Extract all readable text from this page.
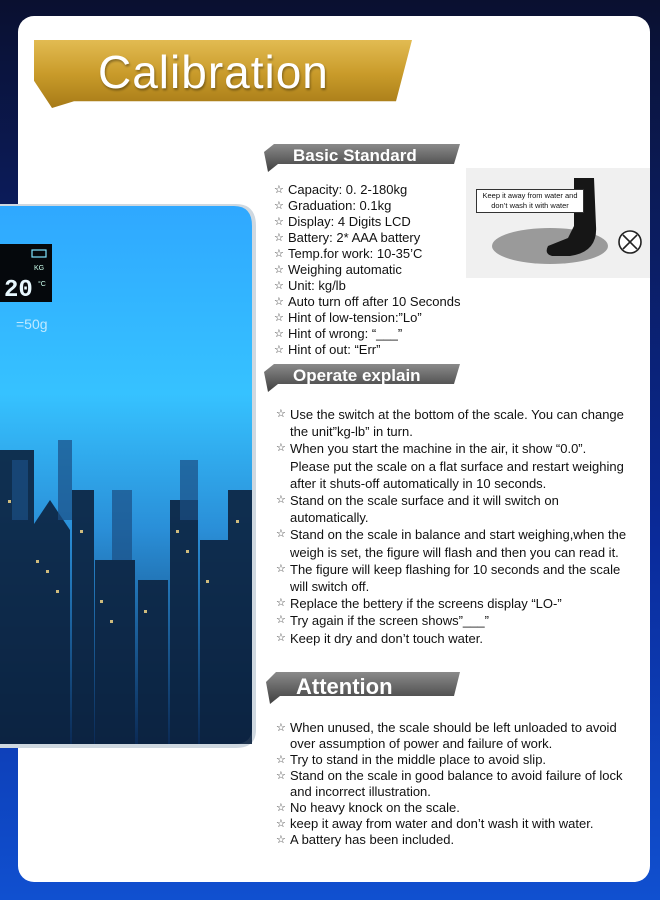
Calibration
KG
20 °C
=50g
Basic Standard
☆ Capacity: 0. 2-180kg
☆ Graduation: 0.1kg
☆ Display: 4 Digits LCD
☆ Battery: 2* AAA battery
☆ Temp.for work: 10-35’C
☆ Weighing automatic
☆ Unit: kg/lb
☆ Auto turn off after 10 Seconds
☆ Hint of low-tension:”Lo”
☆ Hint of wrong: “___”
☆ Hint of out: “Err”
Keep it away from water and don’t wash it with water
Operate explain
☆ Use the switch at the bottom of the scale. You can change the unit”kg-lb” in turn.
☆ When you start the machine in the air, it show “0.0”. Please put the scale on a flat surface and restart weighing after it shuts-off automatically in 10 seconds.
☆ Stand on the scale surface and it will switch on automatically.
☆ Stand on the scale in balance and start weighing,when the weigh is set, the figure will flash and then you can read it.
☆ The figure will keep flashing for 10 seconds and the scale will switch off.
☆ Replace the bettery if the screens display “LO-”
☆ Try again if the screen shows”___”
☆ Keep it dry and don’t touch water.
Attention
☆ When unused, the scale should be left unloaded to avoid over assumption of power and failure of work.
☆ Try to stand in the middle place to avoid slip.
☆ Stand on the scale in good balance to avoid failure of lock and incorrect illustration.
☆ No heavy knock on the scale.
☆ keep it away from water and don’t wash it with water.
☆ A battery has been included.
